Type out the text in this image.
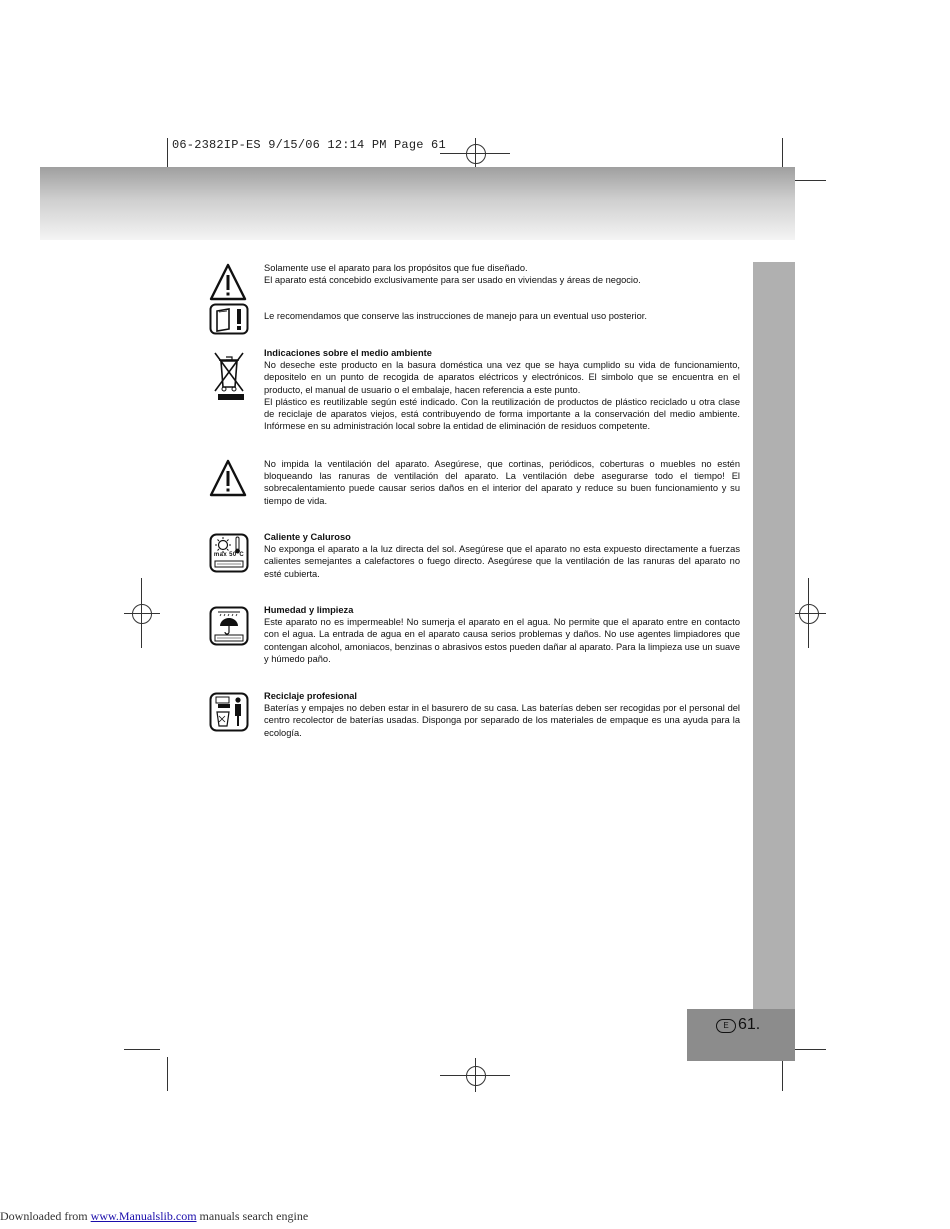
06-2382IP-ES 9/15/06 12:14 PM Page 61
E 61.

Solamente use el aparato para los propósitos que fue diseñado.

El aparato está concebido exclusivamente para ser usado en viviendas y áreas de negocio.

Le recomendamos que conserve las instrucciones de manejo para un eventual uso posterior.

Indicaciones sobre el medio ambiente

No deseche este producto en la basura doméstica una vez que se haya cumplido su vida de funcionamiento, depositelo en un punto de recogida de aparatos eléctricos y electrónicos. El simbolo que se encuentra en el producto, el manual de usuario o el embalaje, hacen referencia a este punto.

El plástico es reutilizable según esté indicado. Con la reutilización de productos de plástico reciclado u otra clase de reciclaje de aparatos viejos, está contribuyendo de forma importante a la conservación del medio ambiente. Infórmese en su administración local sobre la entidad de eliminación de residuos competente.

No impida la ventilación del aparato. Asegúrese, que cortinas, periódicos, coberturas o muebles no estén bloqueando las ranuras de ventilación del aparato. La ventilación debe asegurarse todo el tiempo! El sobrecalentamiento puede causar serios daños en el interior del aparato y reduce su buen funcionamiento y su tiempo de vida.

max 50°C

Caliente y Caluroso

No exponga el aparato a la luz directa del sol. Asegúrese que el aparato no esta expuesto directamente a fuerzas calientes semejantes a calefactores o fuego directo. Asegúrese que la ventilación de las ranuras del aparato no esté cubierta.

Humedad y limpieza

Este aparato no es impermeable! No sumerja el aparato en el agua. No permite que el aparato entre en contacto con el agua. La entrada de agua en el aparato causa serios problemas y daños. No use agentes limpiadores que contengan alcohol, amoniacos, benzinas o abrasivos estos pueden dañar al aparato. Para la limpieza use un suave y húmedo paño.

Reciclaje profesional

Baterías y empajes no deben estar in el basurero de su casa. Las baterías deben ser recogidas por el personal del centro recolector de baterías usadas. Disponga por separado de los materiales de empaque es una ayuda para la ecología.

Downloaded from www.Manualslib.com manuals search engine
